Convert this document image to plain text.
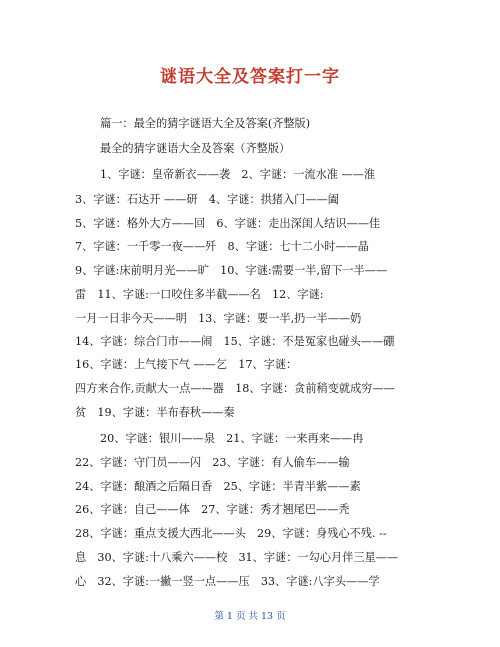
谜语大全及答案打一字
篇一：最全的猜字谜语大全及答案(齐整版)
最全的猜字谜语大全及答案（齐整版）
1、字谜：皇帝新衣——袭　2、字谜：一流水准 ——淮
3、字谜：石达开 ——研　4、字谜：拱猪入门——阖
5、字谜：格外大方——回　6、字谜：走出深闺人结识——佳
7、字谜：一千零一夜——歼　8、字谜：七十二小时——晶
9、字谜:床前明月光——旷　10、字谜:需要一半,留下一半——
雷　11、字谜:一口咬住多半截——名　12、字谜:
一月一日非今天——明　13、字谜：要一半,扔一半——奶
14、字谜：综合门市——闹　15、字谜：不是冤家也碰头——硼
16、字谜：上气接下气 ——乞　17、字谜：
四方来合作,贡献大一点——器　18、字谜：贪前稍变就成穷——
贫　19、字谜：半布春秋——秦
20、字谜：银川——泉　21、字谜：一来再来——冉
22、字谜：守门员——闪　23、字谜：有人偷车——输
24、字谜：酿酒之后隔日香　25、字谜：半青半紫——素
26、字谜：自己——体　27、字谜：秀才翘尾巴——秃
28、字谜：重点支援大西北——头　29、字谜：身残心不残. --
息　30、字谜:十八乘六——校　31、字谜：一勾心月伴三星——
心　32、字谜:一撇一竖一点——压　33、字谜:八字头——学
第 1 页 共 13 页
